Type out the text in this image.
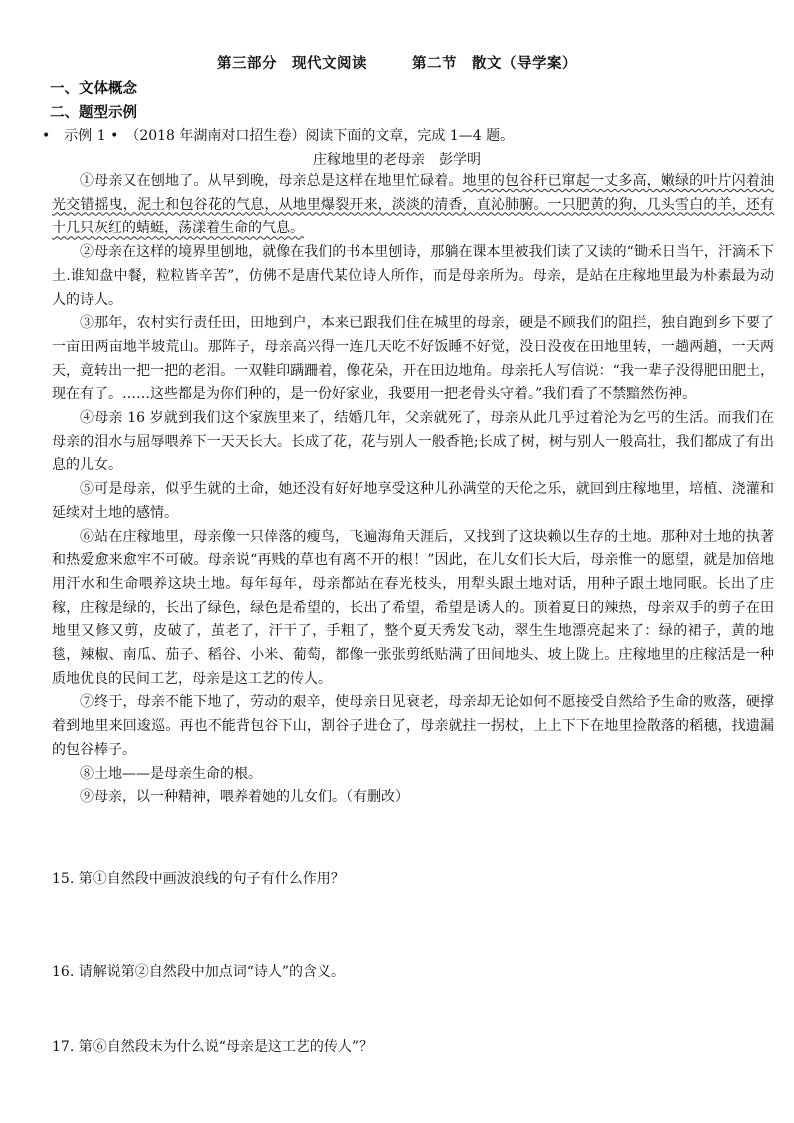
第三部分　现代文阅读　　　第二节　散文（导学案）
一、文体概念
二、题型示例
•　示例 1 •　（2018 年湖南对口招生卷）阅读下面的文章，完成 1—4 题。
庄稼地里的老母亲　彭学明

①母亲又在刨地了。从早到晚，母亲总是这样在地里忙碌着。地里的包谷秆已窜起一丈多高，嫩绿的叶片闪着油光交错摇曳，泥土和包谷花的气息，从地里爆裂开来，淡淡的清香，直沁肺腑。一只肥黄的狗，几头雪白的羊，还有十几只灰红的蜻蜓，荡漾着生命的气息。

②母亲在这样的境界里刨地，就像在我们的书本里刨诗，那躺在课本里被我们读了又读的“锄禾日当午，汗滴禾下土.谁知盘中餐，粒粒皆辛苦”，仿佛不是唐代某位诗人所作，而是母亲所为。母亲，是站在庄稼地里最为朴素最为动人的诗人。

③那年，农村实行责任田，田地到户，本来已跟我们住在城里的母亲，硬是不顾我们的阻拦，独自跑到乡下要了一亩田两亩地半坡荒山。那阵子，母亲高兴得一连几天吃不好饭睡不好觉，没日没夜在田地里转，一趟两趟，一天两天，竟转出一把一把的老泪。一双鞋印蹒跚着，像花朵，开在田边地角。母亲托人写信说：“我一辈子没得肥田肥土，现在有了。……这些都是为你们种的，是一份好家业，我要用一把老骨头守着。”我们看了不禁黯然伤神。

④母亲 16 岁就到我们这个家族里来了，结婚几年，父亲就死了，母亲从此几乎过着沦为乞丐的生活。而我们在母亲的泪水与屈辱喂养下一天天长大。长成了花，花与别人一般香艳;长成了树，树与别人一般高壮，我们都成了有出息的儿女。

⑤可是母亲，似乎生就的土命，她还没有好好地享受这种儿孙满堂的天伦之乐，就回到庄稼地里，培植、浇灌和延续对土地的感情。

⑥站在庄稼地里，母亲像一只倖落的瘦鸟，飞遍海角天涯后，又找到了这块赖以生存的土地。那种对土地的执著和热爱愈来愈牢不可破。母亲说“再贱的草也有离不开的根！”因此，在儿女们长大后，母亲惟一的愿望，就是加倍地用汗水和生命喂养这块土地。每年每年，母亲都站在春光枝头，用犁头跟土地对话，用种子跟土地同眠。长出了庄稼，庄稼是绿的，长出了绿色，绿色是希望的，长出了希望，希望是诱人的。顶着夏日的辣热，母亲双手的剪子在田地里又修又剪，皮破了，茧老了，汗干了，手粗了，整个夏天秀发飞动，翠生生地漂亮起来了：绿的裙子，黄的地毯，辣椒、南瓜、茄子、稻谷、小米、葡萄，都像一张张剪纸贴满了田间地头、坡上陇上。庄稼地里的庄稼活是一种质地优良的民间工艺，母亲是这工艺的传人。

⑦终于，母亲不能下地了，劳动的艰辛，使母亲日见衰老，母亲却无论如何不愿接受自然给予生命的败落，硬撑着到地里来回逡巡。再也不能背包谷下山，割谷子进仓了，母亲就拄一拐杖，上上下下在地里捡散落的稻穗，找遗漏的包谷棒子。

⑧土地——是母亲生命的根。

⑨母亲，以一种精神，喂养着她的儿女们。（有删改）

15. 第①自然段中画波浪线的句子有什么作用？
16. 请解说第②自然段中加点词“诗人”的含义。
17. 第⑥自然段末为什么说“母亲是这工艺的传人”？
